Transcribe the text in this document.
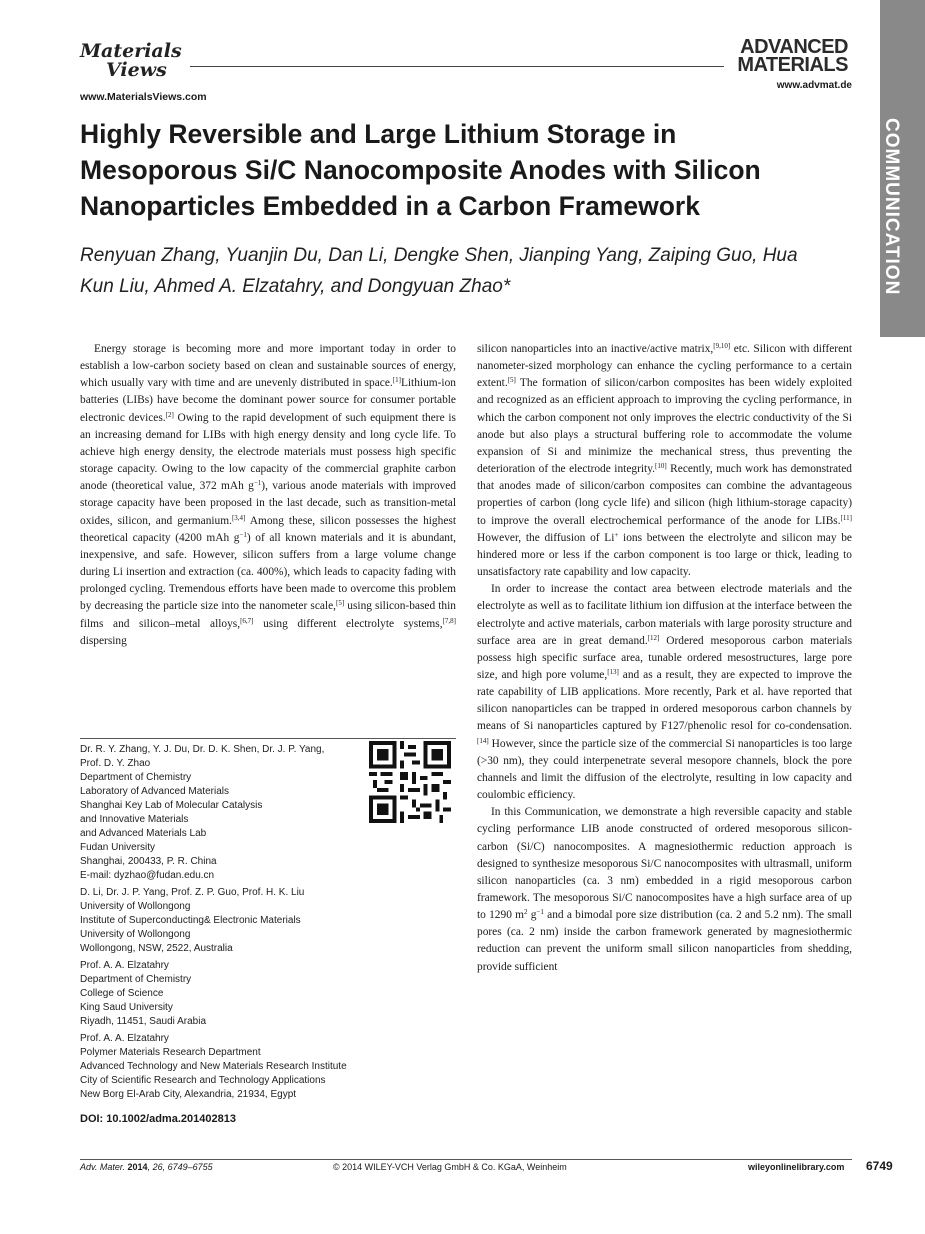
Materials
Views
www.MaterialsViews.com
ADVANCED
MATERIALS
www.advmat.de
COMMUNICATION
Highly Reversible and Large Lithium Storage in Mesoporous Si/C Nanocomposite Anodes with Silicon Nanoparticles Embedded in a Carbon Framework
Renyuan Zhang, Yuanjin Du, Dan Li, Dengke Shen, Jianping Yang, Zaiping Guo, Hua Kun Liu, Ahmed A. Elzatahry, and Dongyuan Zhao*

Energy storage is becoming more and more important today in order to establish a low-carbon society based on clean and sustainable sources of energy, which usually vary with time and are unevenly distributed in space.[1]Lithium-ion batteries (LIBs) have become the dominant power source for consumer portable electronic devices.[2] Owing to the rapid development of such equipment there is an increasing demand for LIBs with high energy density and long cycle life. To achieve high energy density, the electrode materials must possess high specific storage capacity. Owing to the low capacity of the commercial graphite carbon anode (theoretical value, 372 mAh $g^{-1}$), various anode materials with improved storage capacity have been proposed in the last decade, such as transition-metal oxides, silicon, and germanium.[3,4] Among these, silicon possesses the highest theoretical capacity (4200 mAh $g^{-1}$) of all known materials and it is abundant, inexpensive, and safe. However, silicon suffers from a large volume change during Li insertion and extraction (ca. 400%), which leads to capacity fading with prolonged cycling. Tremendous efforts have been made to overcome this problem by decreasing the particle size into the nanometer scale,[5] using silicon-based thin films and silicon–metal alloys,[6,7] using different electrolyte systems,[7,8] dispersing

Dr. R. Y. Zhang, Y. J. Du, Dr. D. K. Shen, Dr. J. P. Yang,
Prof. D. Y. Zhao
Department of Chemistry
Laboratory of Advanced Materials
Shanghai Key Lab of Molecular Catalysis
and Innovative Materials
and Advanced Materials Lab
Fudan University
Shanghai, 200433, P. R. China
E-mail: dyzhao@fudan.edu.cn
D. Li, Dr. J. P. Yang, Prof. Z. P. Guo, Prof. H. K. Liu
University of Wollongong
Institute of Superconducting& Electronic Materials
University of Wollongong
Wollongong, NSW, 2522, Australia
Prof. A. A. Elzatahry
Department of Chemistry
College of Science
King Saud University
Riyadh, 11451, Saudi Arabia
Prof. A. A. Elzatahry
Polymer Materials Research Department
Advanced Technology and New Materials Research Institute
City of Scientific Research and Technology Applications
New Borg El-Arab City, Alexandria, 21934, Egypt
DOI: 10.1002/adma.201402813

silicon nanoparticles into an inactive/active matrix,[9,10] etc. Silicon with different nanometer-sized morphology can enhance the cycling performance to a certain extent.[5] The formation of silicon/carbon composites has been widely exploited and recognized as an efficient approach to improving the cycling performance, in which the carbon component not only improves the electric conductivity of the Si anode but also plays a structural buffering role to accommodate the volume expansion of Si and minimize the mechanical stress, thus preventing the deterioration of the electrode integrity.[10] Recently, much work has demonstrated that anodes made of silicon/carbon composites can combine the advantageous properties of carbon (long cycle life) and silicon (high lithium-storage capacity) to improve the overall electrochemical performance of the anode for LIBs.[11] However, the diffusion of Li+ ions between the electrolyte and silicon may be hindered more or less if the carbon component is too large or thick, leading to unsatisfactory rate capability and low capacity.

In order to increase the contact area between electrode materials and the electrolyte as well as to facilitate lithium ion diffusion at the interface between the electrolyte and active materials, carbon materials with large porosity structure and surface area are in great demand.[12] Ordered mesoporous carbon materials possess high specific surface area, tunable ordered mesostructures, large pore size, and high pore volume,[13] and as a result, they are expected to improve the rate capability of LIB applications. More recently, Park et al. have reported that silicon nanoparticles can be trapped in ordered mesoporous carbon channels by means of Si nanoparticles captured by F127/phenolic resol for co-condensation.[14] However, since the particle size of the commercial Si nanoparticles is too large (>30 nm), they could interpenetrate several mesopore channels, block the pore channels and limit the diffusion of the electrolyte, resulting in low capacity and coulombic efficiency.

In this Communication, we demonstrate a high reversible capacity and stable cycling performance LIB anode constructed of ordered mesoporous silicon-carbon (Si/C) nanocomposites. A magnesiothermic reduction approach is designed to synthesize mesoporous Si/C nanocomposites with ultrasmall, uniform silicon nanoparticles (ca. 3 nm) embedded in a rigid mesoporous carbon framework. The mesoporous Si/C nanocomposites have a high surface area of up to 1290 $m^2$ $g^{-1}$ and a bimodal pore size distribution (ca. 2 and 5.2 nm). The small pores (ca. 2 nm) inside the carbon framework generated by magnesiothermic reduction can prevent the uniform small silicon nanoparticles from shedding, provide sufficient

Adv. Mater. 2014, 26, 6749–6755	© 2014 WILEY-VCH Verlag GmbH & Co. KGaA, Weinheim	wileyonlinelibrary.com 6749
